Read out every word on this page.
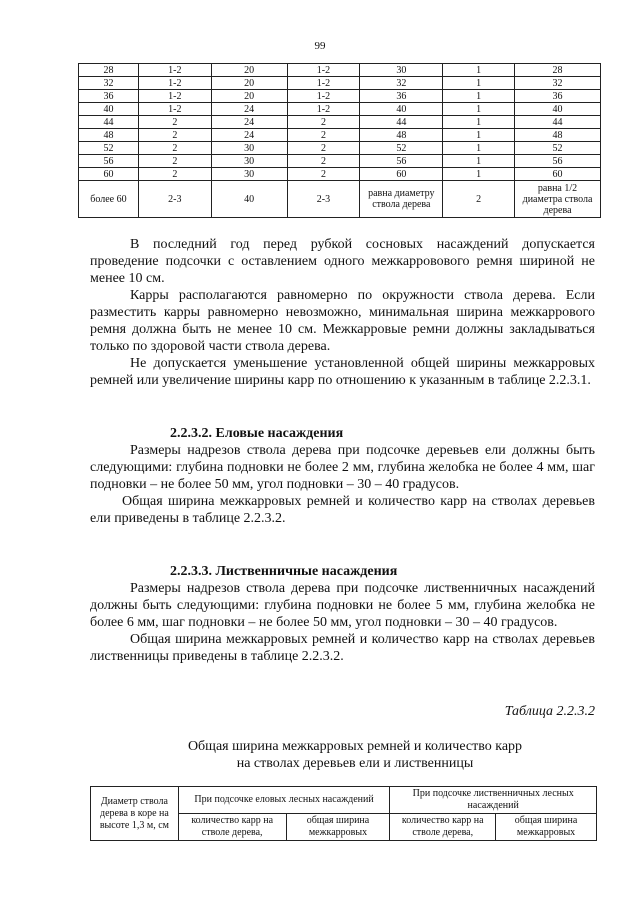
99
28	1-2	20	1-2	30	1	28
32	1-2	20	1-2	32	1	32
36	1-2	20	1-2	36	1	36
40	1-2	24	1-2	40	1	40
44	2	24	2	44	1	44
48	2	24	2	48	1	48
52	2	30	2	52	1	52
56	2	30	2	56	1	56
60	2	30	2	60	1	60
более 60	2-3	40	2-3	равна диаметру ствола дерева	2	равна 1/2 диаметра ствола дерева

В последний год перед рубкой сосновых насаждений допускается проведение подсочки с оставлением одного межкарровового ремня шириной не менее 10 см.

Карры располагаются равномерно по окружности ствола дерева. Если разместить карры равномерно невозможно, минимальная ширина межкаррового ремня должна быть не менее 10 см. Межкарровые ремни должны закладываться только по здоровой части ствола дерева.

Не допускается уменьшение установленной общей ширины межкарровых ремней или увеличение ширины карр по отношению к указанным в таблице 2.2.3.1.

2.2.3.2. Еловые насаждения

Размеры надрезов ствола дерева при подсочке деревьев ели должны быть следующими: глубина подновки не более 2 мм, глубина желобка не более 4 мм, шаг подновки – не более 50 мм, угол подновки – 30 – 40 градусов.

Общая ширина межкарровых ремней и количество карр на стволах деревьев ели приведены в таблице 2.2.3.2.

2.2.3.3. Лиственничные насаждения

Размеры надрезов ствола дерева при подсочке лиственничных насаждений должны быть следующими: глубина подновки не более 5 мм, глубина желобка не более 6 мм, шаг подновки – не более 50 мм, угол подновки – 30 – 40 градусов.

Общая ширина межкарровых ремней и количество карр на стволах деревьев лиственницы приведены в таблице 2.2.3.2.

Таблица 2.2.3.2
Общая ширина межкарровых ремней и количество карр
на стволах деревьев ели и лиственницы
Диаметр ствола дерева в коре на высоте 1,3 м, см	При подсочке еловых лесных насаждений		При подсочке лиственничных лесных насаждений	
	количество карр на стволе дерева,	общая ширина межкарровых	количество карр на стволе дерева,	общая ширина межкарровых
